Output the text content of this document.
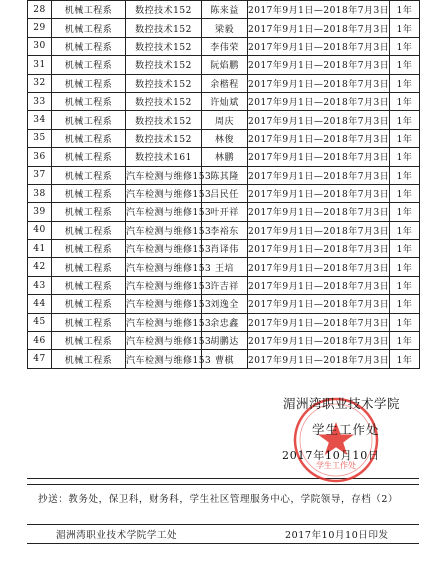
28	机械工程系	数控技术152	陈来益	2017年9月1日—2018年7月3日	1年
29	机械工程系	数控技术152	梁毅	2017年9月1日—2018年7月3日	1年
30	机械工程系	数控技术152	李伟荣	2017年9月1日—2018年7月3日	1年
31	机械工程系	数控技术152	阮焰鹏	2017年9月1日—2018年7月3日	1年
32	机械工程系	数控技术152	余楷程	2017年9月1日—2018年7月3日	1年
33	机械工程系	数控技术152	许灿斌	2017年9月1日—2018年7月3日	1年
34	机械工程系	数控技术152	周庆	2017年9月1日—2018年7月3日	1年
35	机械工程系	数控技术152	林俊	2017年9月1日—2018年7月3日	1年
36	机械工程系	数控技术161	林鹏	2017年9月1日—2018年7月3日	1年
37	机械工程系	汽车检测与维修153	陈其隆	2017年9月1日—2018年7月3日	1年
38	机械工程系	汽车检测与维修153	吕民任	2017年9月1日—2018年7月3日	1年
39	机械工程系	汽车检测与维修153	叶开祥	2017年9月1日—2018年7月3日	1年
40	机械工程系	汽车检测与维修153	李裕东	2017年9月1日—2018年7月3日	1年
41	机械工程系	汽车检测与维修153	肖译伟	2017年9月1日—2018年7月3日	1年
42	机械工程系	汽车检测与维修153	王培	2017年9月1日—2018年7月3日	1年
43	机械工程系	汽车检测与维修153	许吉祥	2017年9月1日—2018年7月3日	1年
44	机械工程系	汽车检测与维修153	刘逸全	2017年9月1日—2018年7月3日	1年
45	机械工程系	汽车检测与维修153	余忠鑫	2017年9月1日—2018年7月3日	1年
46	机械工程系	汽车检测与维修153	胡鹏达	2017年9月1日—2018年7月3日	1年
47	机械工程系	汽车检测与维修153	曹棋	2017年9月1日—2018年7月3日	1年
学生工作处
湄洲湾职业技术学院
学生工作处
2017年10月10日
抄送：教务处，保卫科，财务科，学生社区管理服务中心，学院领导，存档（2）
湄洲湾职业技术学院学工处	2017年10月10日印发
